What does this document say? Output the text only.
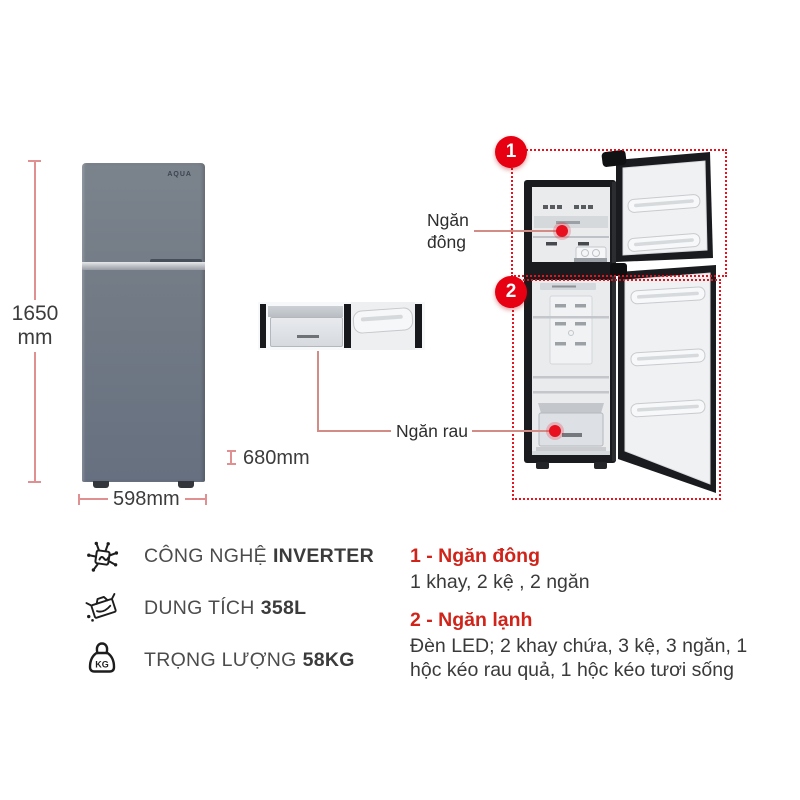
1650
mm
AQUA
598mm
680mm
1
2
Ngăn
đông
Ngăn rau
CÔNG NGHỆ INVERTER
DUNG TÍCH 358L
KG TRỌNG LƯỢNG 58KG

1 - Ngăn đông

1 khay, 2 kệ , 2 ngăn

2 - Ngăn lạnh

Đèn LED; 2 khay chứa, 3 kệ, 3 ngăn, 1 hộc kéo rau quả, 1 hộc kéo tươi sống
